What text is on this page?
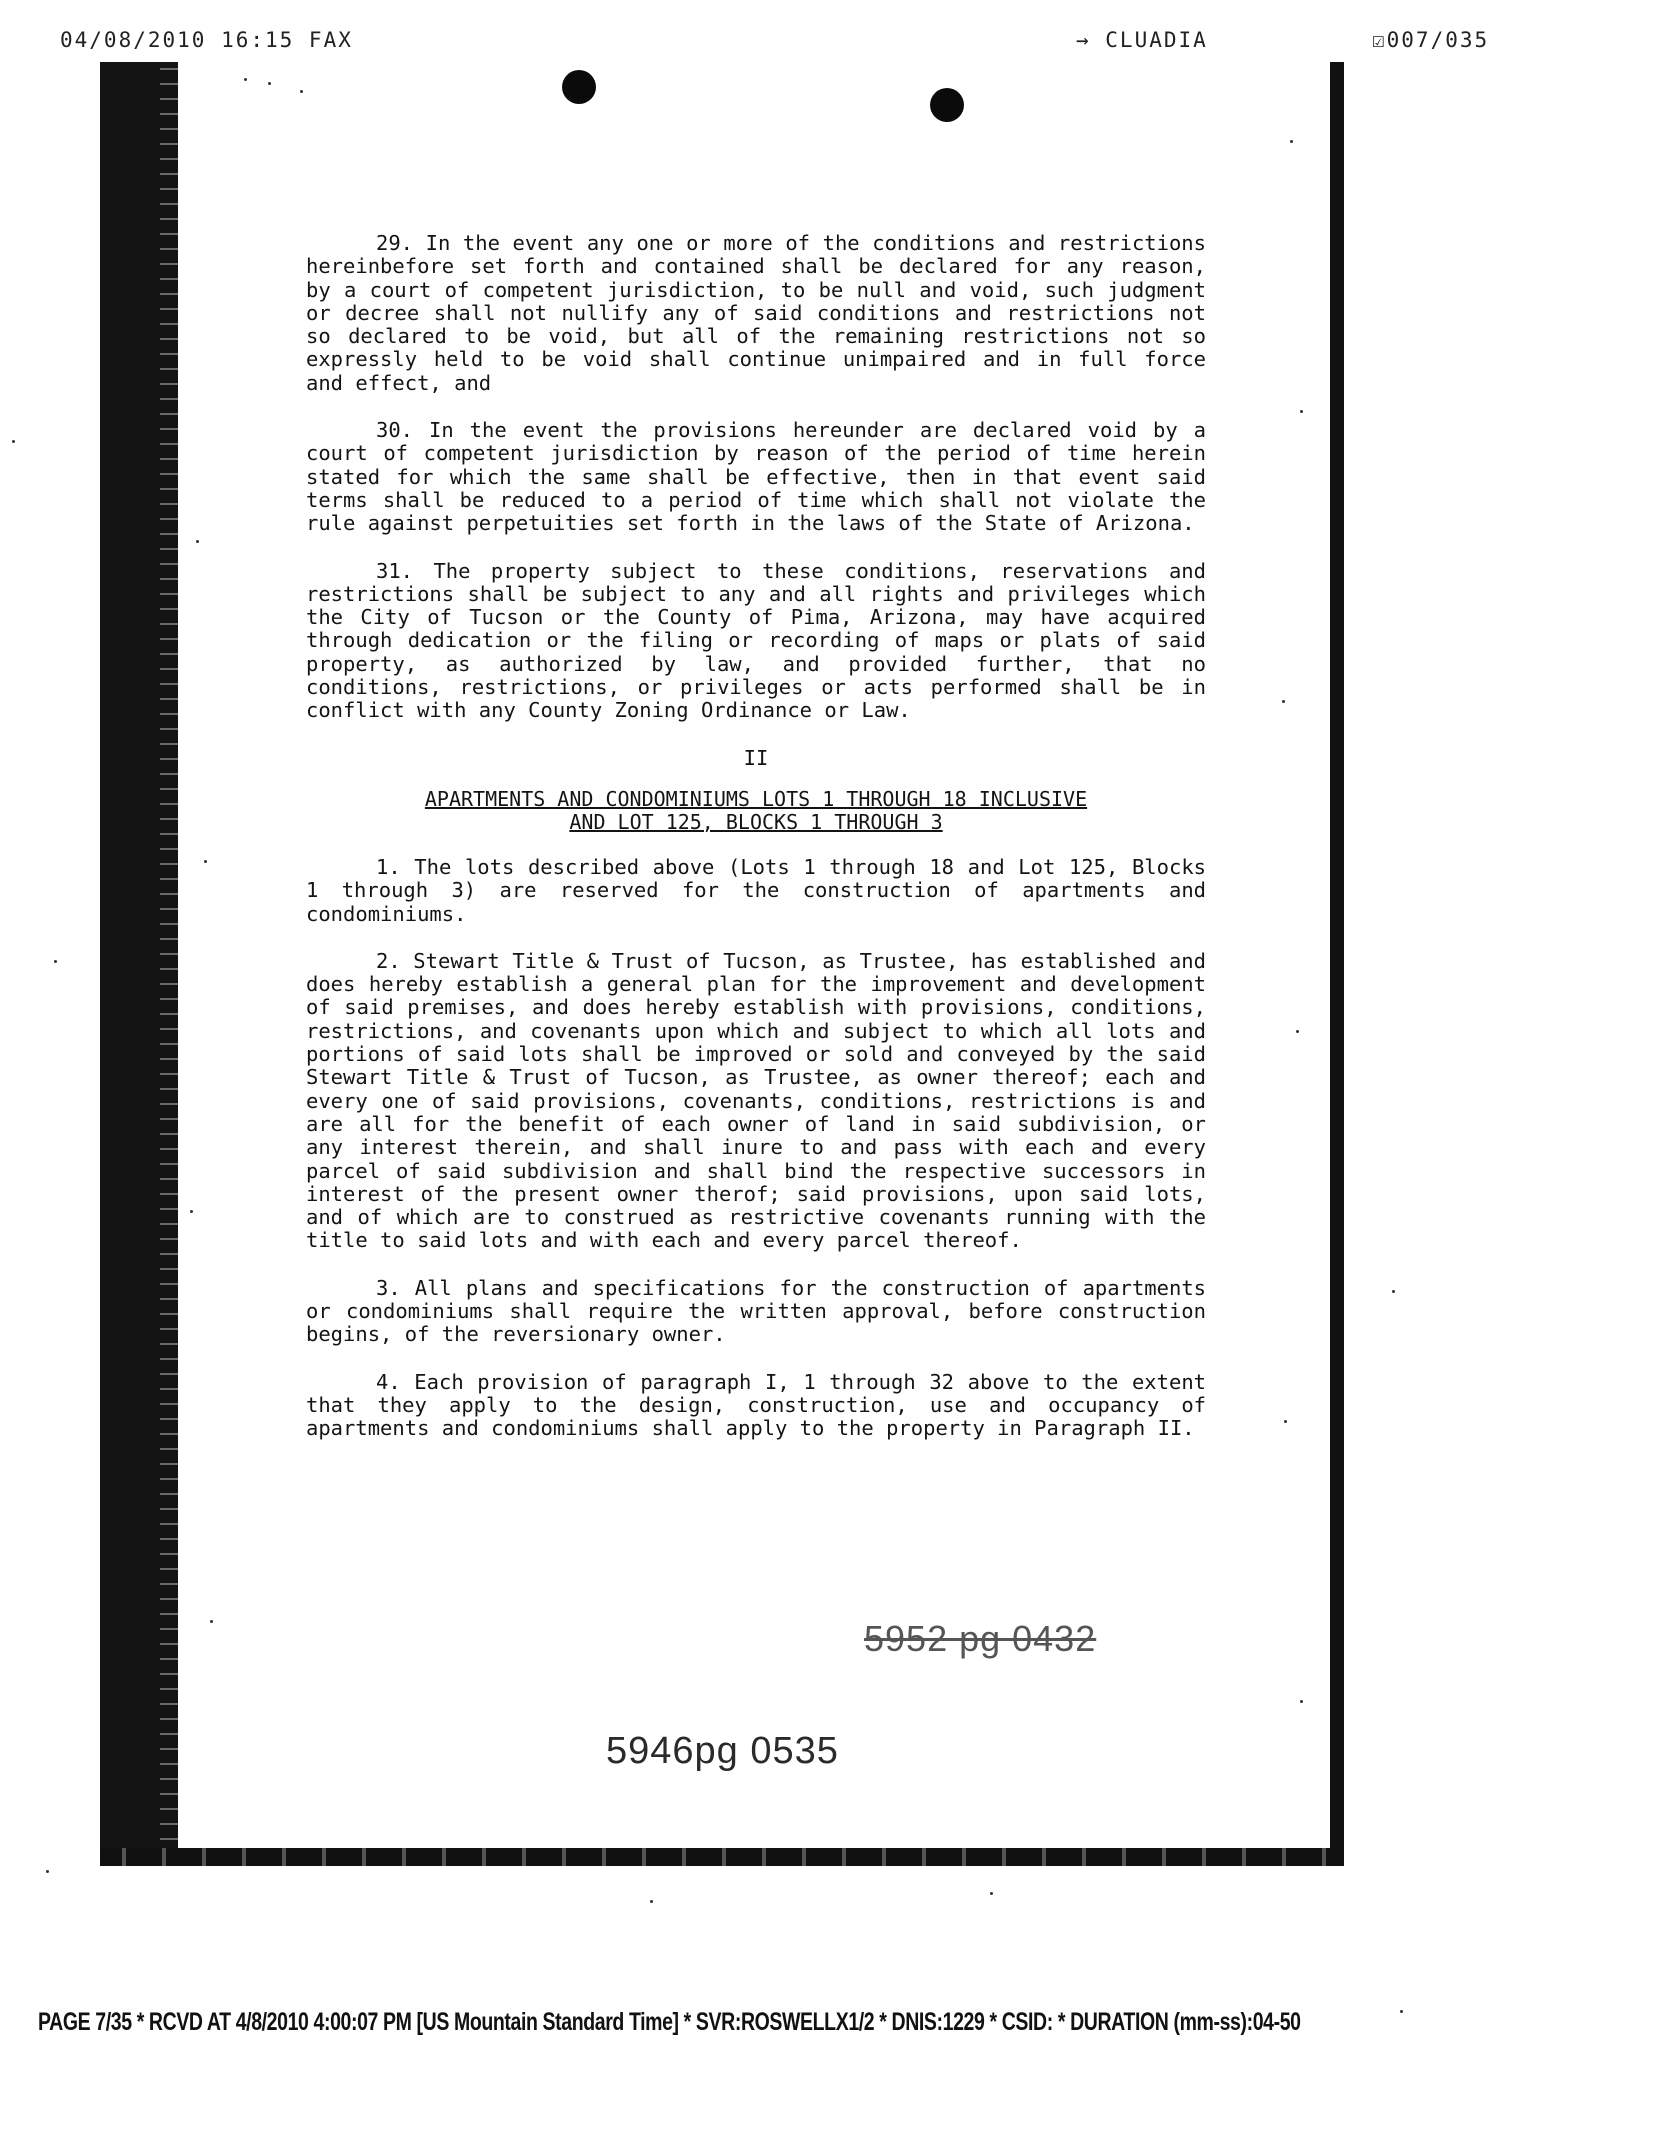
04/08/2010 16:15 FAX	→ CLUADIA	☑007/035

29. In the event any one or more of the conditions and restrictions hereinbefore set forth and contained shall be declared for any reason, by a court of competent jurisdiction, to be null and void, such judgment or decree shall not nullify any of said conditions and restrictions not so declared to be void, but all of the remaining restrictions not so expressly held to be void shall continue unimpaired and in full force and effect, and

30. In the event the provisions hereunder are declared void by a court of competent jurisdiction by reason of the period of time herein stated for which the same shall be effective, then in that event said terms shall be reduced to a period of time which shall not violate the rule against perpetuities set forth in the laws of the State of Arizona.

31. The property subject to these conditions, reservations and restrictions shall be subject to any and all rights and privileges which the City of Tucson or the County of Pima, Arizona, may have acquired through dedication or the filing or recording of maps or plats of said property, as authorized by law, and provided further, that no conditions, restrictions, or privileges or acts performed shall be in conflict with any County Zoning Ordinance or Law.

II
APARTMENTS AND CONDOMINIUMS LOTS 1 THROUGH 18 INCLUSIVE
AND LOT 125, BLOCKS 1 THROUGH 3

1. The lots described above (Lots 1 through 18 and Lot 125, Blocks 1 through 3) are reserved for the construction of apartments and condominiums.

2. Stewart Title & Trust of Tucson, as Trustee, has established and does hereby establish a general plan for the improvement and development of said premises, and does hereby establish with provisions, conditions, restrictions, and covenants upon which and subject to which all lots and portions of said lots shall be improved or sold and conveyed by the said Stewart Title & Trust of Tucson, as Trustee, as owner thereof; each and every one of said provisions, covenants, conditions, restrictions is and are all for the benefit of each owner of land in said subdivision, or any interest therein, and shall inure to and pass with each and every parcel of said subdivision and shall bind the respective successors in interest of the present owner therof; said provisions, upon said lots, and of which are to construed as restrictive covenants running with the title to said lots and with each and every parcel thereof.

3. All plans and specifications for the construction of apartments or condominiums shall require the written approval, before construction begins, of the reversionary owner.

4. Each provision of paragraph I, 1 through 32 above to the extent that they apply to the design, construction, use and occupancy of apartments and condominiums shall apply to the property in Paragraph II.

5952 pg 0432
5946pg 0535
PAGE 7/35 * RCVD AT 4/8/2010 4:00:07 PM [US Mountain Standard Time] * SVR:ROSWELLX1/2 * DNIS:1229 * CSID: * DURATION (mm-ss):04-50
